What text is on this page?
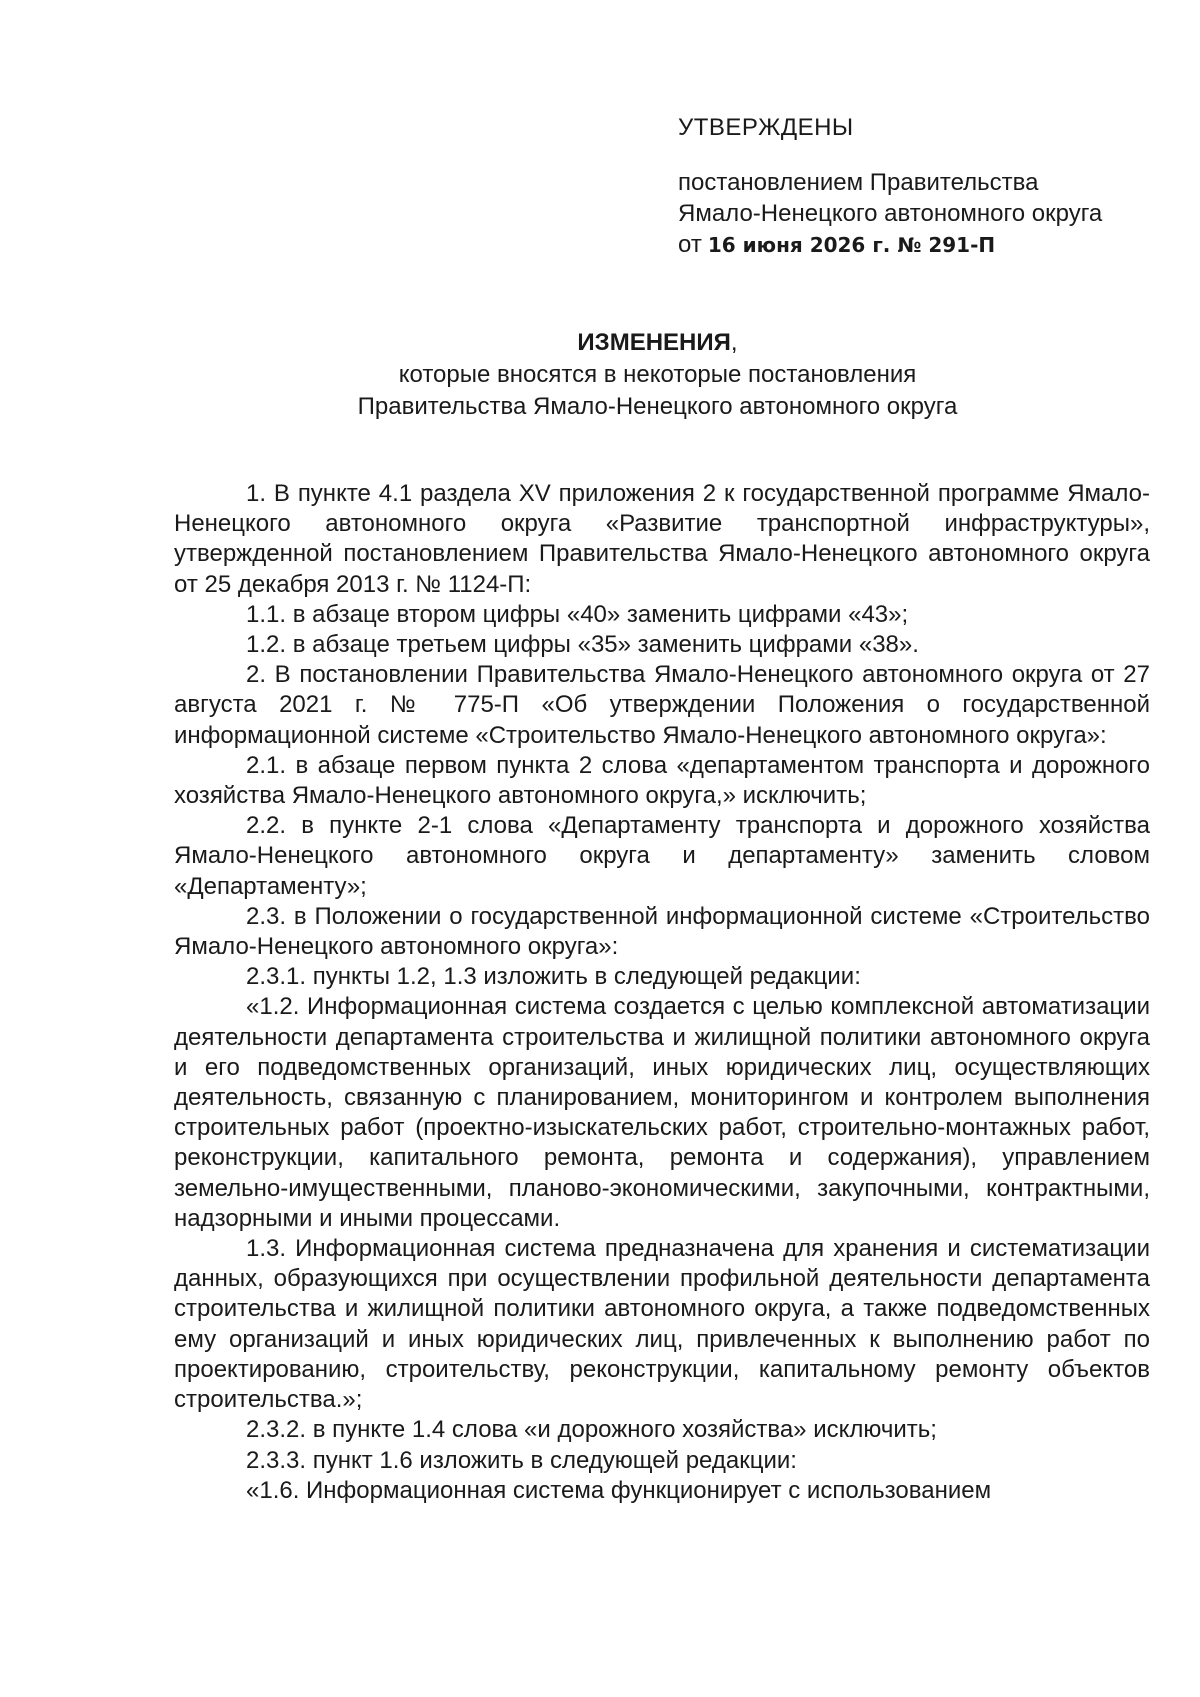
УТВЕРЖДЕНЫ
постановлением Правительства
Ямало-Ненецкого автономного округа
от 16 июня 2026 г. № 291-П
ИЗМЕНЕНИЯ,
которые вносятся в некоторые постановления
Правительства Ямало-Ненецкого автономного округа

1. В пункте 4.1 раздела XV приложения 2 к государственной программе Ямало-Ненецкого автономного округа «Развитие транспортной инфраструктуры», утвержденной постановлением Правительства Ямало-Ненецкого автономного округа от 25 декабря 2013 г. № 1124-П:

1.1. в абзаце втором цифры «40» заменить цифрами «43»;

1.2. в абзаце третьем цифры «35» заменить цифрами «38».

2. В постановлении Правительства Ямало-Ненецкого автономного округа от 27 августа 2021 г. № 775-П «Об утверждении Положения о государственной информационной системе «Строительство Ямало-Ненецкого автономного округа»:

2.1. в абзаце первом пункта 2 слова «департаментом транспорта и дорожного хозяйства Ямало-Ненецкого автономного округа,» исключить;

2.2. в пункте 2-1 слова «Департаменту транспорта и дорожного хозяйства Ямало-Ненецкого автономного округа и департаменту» заменить словом «Департаменту»;

2.3. в Положении о государственной информационной системе «Строительство Ямало-Ненецкого автономного округа»:

2.3.1. пункты 1.2, 1.3 изложить в следующей редакции:

«1.2. Информационная система создается с целью комплексной автоматизации деятельности департамента строительства и жилищной политики автономного округа и его подведомственных организаций, иных юридических лиц, осуществляющих деятельность, связанную с планированием, мониторингом и контролем выполнения строительных работ (проектно-изыскательских работ, строительно-монтажных работ, реконструкции, капитального ремонта, ремонта и содержания), управлением земельно-имущественными, планово-экономическими, закупочными, контрактными, надзорными и иными процессами.

1.3. Информационная система предназначена для хранения и систематизации данных, образующихся при осуществлении профильной деятельности департамента строительства и жилищной политики автономного округа, а также подведомственных ему организаций и иных юридических лиц, привлеченных к выполнению работ по проектированию, строительству, реконструкции, капитальному ремонту объектов строительства.»;

2.3.2. в пункте 1.4 слова «и дорожного хозяйства» исключить;

2.3.3. пункт 1.6 изложить в следующей редакции:

«1.6. Информационная система функционирует с использованием
